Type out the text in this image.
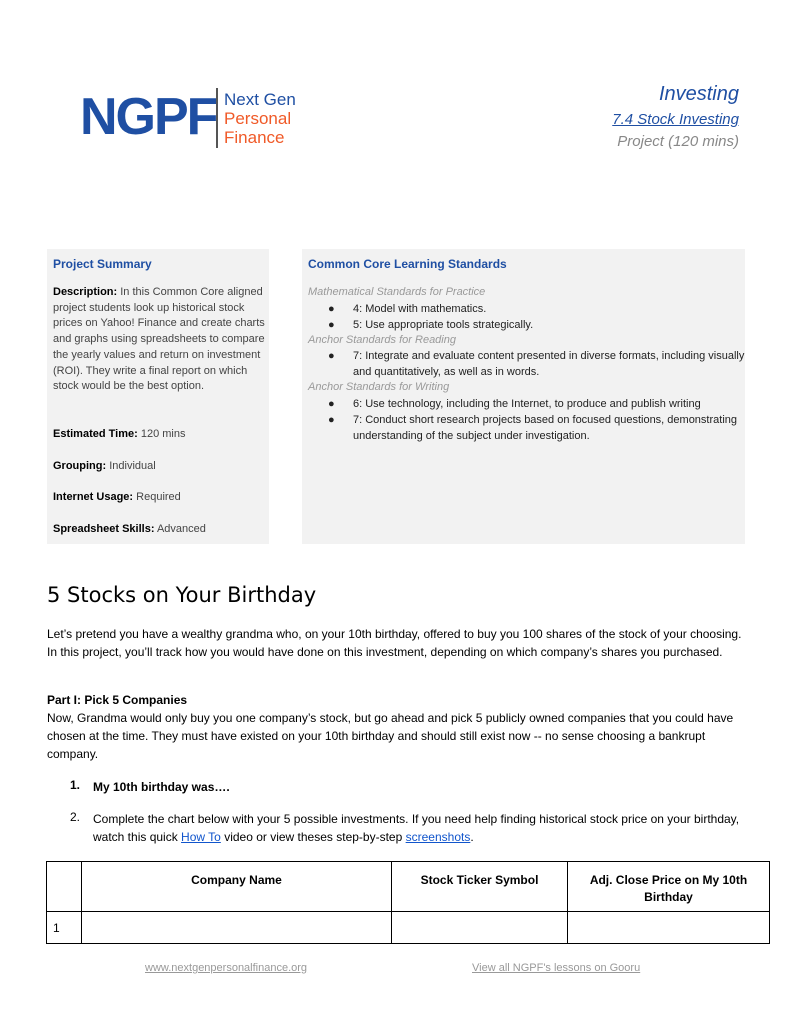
NGPF Next Gen
Personal
Finance
Investing
7.4 Stock Investing
Project (120 mins)
Project Summary
Description: In this Common Core aligned project students look up historical stock prices on Yahoo! Finance and create charts and graphs using spreadsheets to compare the yearly values and return on investment (ROI). They write a final report on which stock would be the best option.
Estimated Time: 120 mins
Grouping: Individual
Internet Usage: Required
Spreadsheet Skills: Advanced
Common Core Learning Standards
Mathematical Standards for Practice
● 4: Model with mathematics.
● 5: Use appropriate tools strategically.
Anchor Standards for Reading
● 7: Integrate and evaluate content presented in diverse formats, including visually and quantitatively, as well as in words.
Anchor Standards for Writing
● 6: Use technology, including the Internet, to produce and publish writing
● 7: Conduct short research projects based on focused questions, demonstrating understanding of the subject under investigation.
5 Stocks on Your Birthday
Let’s pretend you have a wealthy grandma who, on your 10th birthday, offered to buy you 100 shares of the stock of your choosing. In this project, you’ll track how you would have done on this investment, depending on which company’s shares you purchased.
Part I: Pick 5 Companies
Now, Grandma would only buy you one company’s stock, but go ahead and pick 5 publicly owned companies that you could have chosen at the time. They must have existed on your 10th birthday and should still exist now -- no sense choosing a bankrupt company.
1. My 10th birthday was….
2. Complete the chart below with your 5 possible investments. If you need help finding historical stock price on your birthday, watch this quick How To video or view theses step-by-step screenshots.
	Company Name	Stock Ticker Symbol	Adj. Close Price on My 10th Birthday
1			
www.nextgenpersonalfinance.org	View all NGPF's lessons on Gooru
